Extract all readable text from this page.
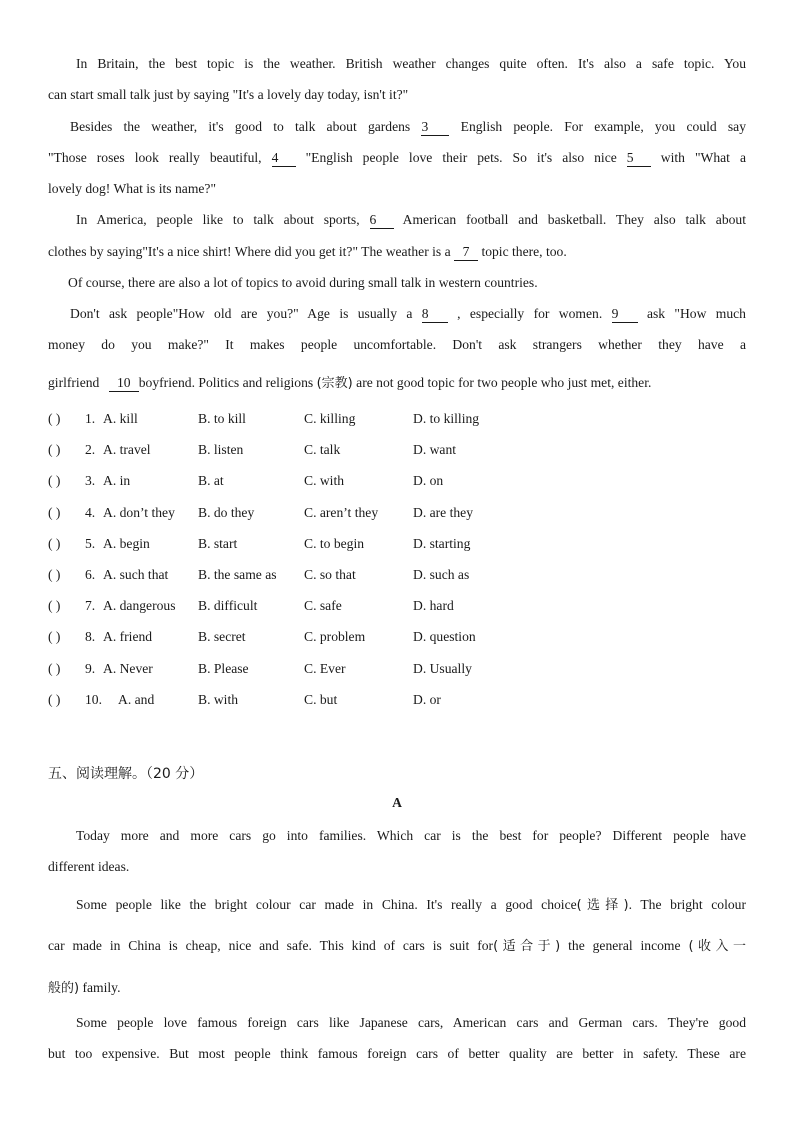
In Britain, the best topic is the weather. British weather changes quite often. It's also a safe topic. You
can start small talk just by saying "It's a lovely day today, isn't it?"
Besides the weather, it's good to talk about gardens 3 English people. For example, you could say
"Those roses look really beautiful, 4 "English people love their pets. So it's also nice 5 with "What a
lovely dog! What is its name?"
In America, people like to talk about sports, 6 American football and basketball. They also talk about
clothes by saying"It's a nice shirt! Where did you get it?" The weather is a 7 topic there, too.
Of course, there are also a lot of topics to avoid during small talk in western countries.
Don't ask people"How old are you?" Age is usually a 8 , especially for women. 9 ask "How much
money do you make?" It makes people uncomfortable. Don't ask strangers whether they have a
girlfriend 10 boyfriend. Politics and religions (宗教) are not good topic for two people who just met, either.
( ) 1. A. kill	B. to kill	C. killing	D. to killing
( ) 2. A. travel	B. listen	C. talk	D. want
( ) 3. A. in	B. at	C. with	D. on
( ) 4. A. don’t they B. do they	C. aren’t they	D. are they
( ) 5. A. begin	B. start	C. to begin	D. starting
( ) 6. A. such that B. the same as C. so that	D. such as
( ) 7. A. dangerous B. difficult	C. safe	D. hard
( ) 8. A. friend	B. secret	C. problem	D. question
( ) 9. A. Never	B. Please	C. Ever	D. Usually
( ) 10. A. and	B. with	C. but	D. or
五、阅读理解。（20 分）
A
Today more and more cars go into families. Which car is the best for people? Different people have
different ideas.
Some people like the bright colour car made in China. It's really a good choice(选择). The bright colour
car made in China is cheap, nice and safe. This kind of cars is suit for(适合于) the general income (收入一
般的) family.
Some people love famous foreign cars like Japanese cars, American cars and German cars. They're good
but too expensive. But most people think famous foreign cars of better quality are better in safety. These are
